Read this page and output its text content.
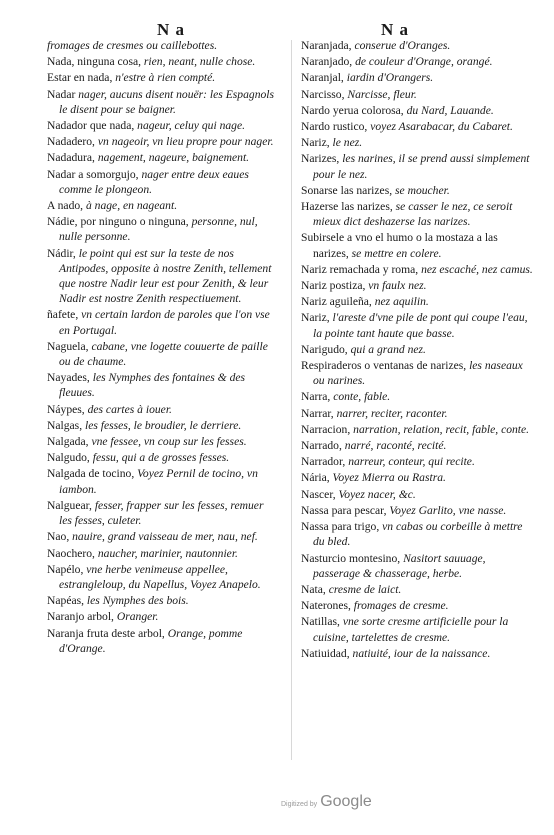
N a	N a
fromages de cresmes ou caillebottes.
Nada, ninguna cosa, rien, neant, nulle chose.
Estar en nada, n'estre à rien compté.
Nadar nager, aucuns disent nouër: les Espagnols le disent pour se baigner.
Nadador que nada, nageur, celuy qui nage.
Nadadero, vn nageoir, vn lieu propre pour nager.
Nadadura, nagement, nageure, baignement.
Nadar a somorgujo, nager entre deux eaues comme le plongeon.
A nado, à nage, en nageant.
Nádie, por ninguno o ninguna, personne, nul, nulle personne.
Nádir, le point qui est sur la teste de nos Antipodes, opposite à nostre Zenith, tellement que nostre Nadir leur est pour Zenith, & leur Nadir est nostre Zenith respectiuement.
ñafete, vn certain lardon de paroles que l'on vse en Portugal.
Naguela, cabane, vne logette couuerte de paille ou de chaume.
Nayades, les Nymphes des fontaines & des fleuues.
Náypes, des cartes à iouer.
Nalgas, les fesses, le broudier, le derriere.
Nalgada, vne fessee, vn coup sur les fesses.
Nalgudo, fessu, qui a de grosses fesses.
Nalgada de tocino, Voyez Pernil de tocino, vn iambon.
Nalguear, fesser, frapper sur les fesses, remuer les fesses, culeter.
Nao, nauire, grand vaisseau de mer, nau, nef.
Naochero, naucher, marinier, nautonnier.
Napélo, vne herbe venimeuse appellee, estrangleloup, du Napellus, Voyez Anapelo.
Napéas, les Nymphes des bois.
Naranjo arbol, Oranger.
Naranja fruta deste arbol, Orange, pomme d'Orange.
Naranjada, conserue d'Oranges.
Naranjado, de couleur d'Orange, orangé.
Naranjal, iardin d'Orangers.
Narcisso, Narcisse, fleur.
Nardo yerua colorosa, du Nard, Lauande.
Nardo rustico, voyez Asarabacar, du Cabaret.
Nariz, le nez.
Narizes, les narines, il se prend aussi simplement pour le nez.
Sonarse las narizes, se moucher.
Hazerse las narizes, se casser le nez, ce seroit mieux dict deshazerse las narizes.
Subirsele a vno el humo o la mostaza a las narizes, se mettre en colere.
Nariz remachada y roma, nez escaché, nez camus.
Nariz postiza, vn faulx nez.
Nariz aguileña, nez aquilin.
Nariz, l'areste d'vne pile de pont qui coupe l'eau, la pointe tant haute que basse.
Narigudo, qui a grand nez.
Respiraderos o ventanas de narizes, les naseaux ou narines.
Narra, conte, fable.
Narrar, narrer, reciter, raconter.
Narracion, narration, relation, recit, fable, conte.
Narrado, narré, raconté, recité.
Narrador, narreur, conteur, qui recite.
Nária, Voyez Mierra ou Rastra.
Nascer, Voyez nacer, &c.
Nassa para pescar, Voyez Garlito, vne nasse.
Nassa para trigo, vn cabas ou corbeille à mettre du bled.
Nasturcio montesino, Nasitort sauuage, passerage & chasserage, herbe.
Nata, cresme de laict.
Naterones, fromages de cresme.
Natillas, vne sorte cresme artificielle pour la cuisine, tartelettes de cresme.
Natiuidad, natiuité, iour de la naissance.
Digitized by Google
